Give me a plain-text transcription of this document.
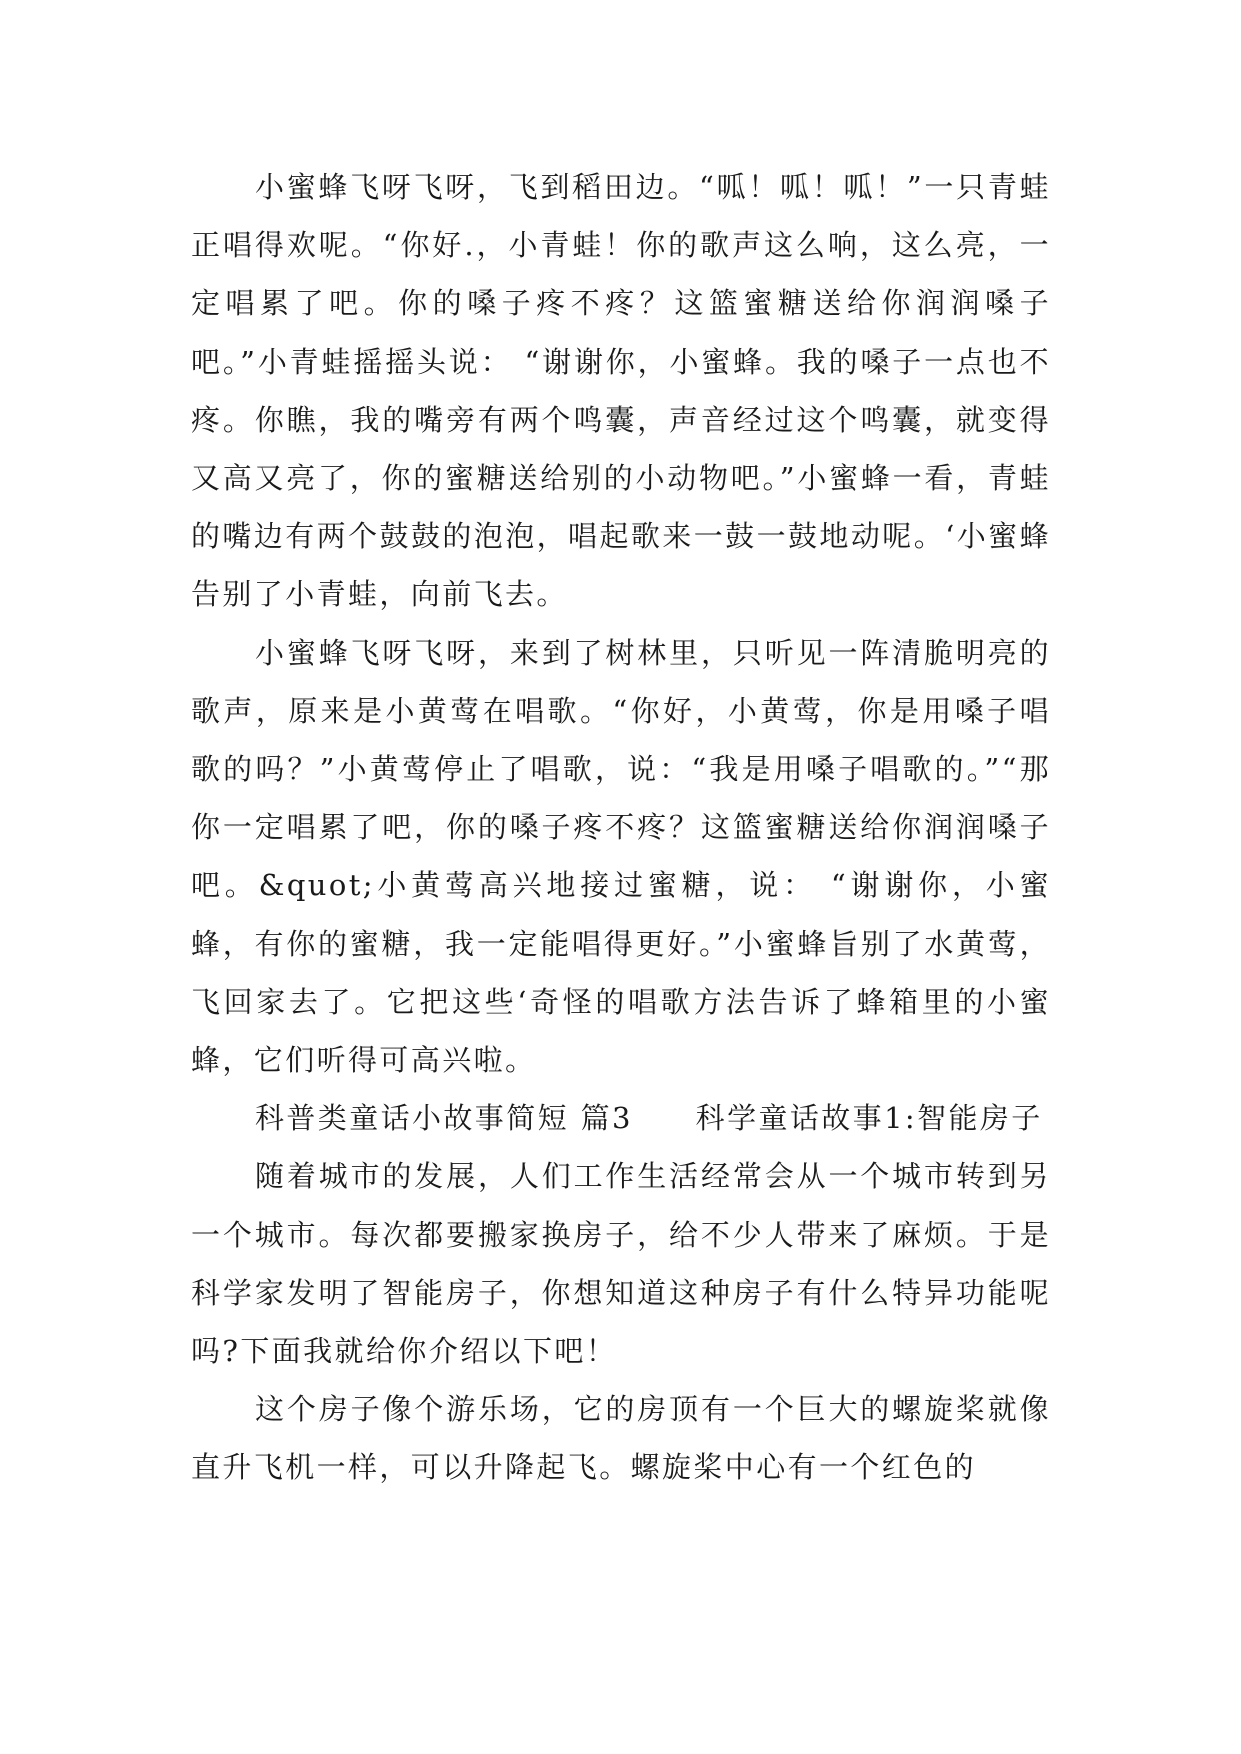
小蜜蜂飞呀飞呀，飞到稻田边。“呱！呱！呱！”一只青蛙正唱得欢呢。“你好.，小青蛙！你的歌声这么响，这么亮，一定唱累了吧。你的嗓子疼不疼？这篮蜜糖送给你润润嗓子吧。”小青蛙摇摇头说： “谢谢你，小蜜蜂。我的嗓子一点也不疼。你瞧，我的嘴旁有两个鸣囊，声音经过这个鸣囊，就变得又高又亮了，你的蜜糖送给别的小动物吧。”小蜜蜂一看，青蛙的嘴边有两个鼓鼓的泡泡，唱起歌来一鼓一鼓地动呢。‘小蜜蜂告别了小青蛙，向前飞去。

小蜜蜂飞呀飞呀，来到了树林里，只听见一阵清脆明亮的歌声，原来是小黄莺在唱歌。“你好，小黄莺，你是用嗓子唱歌的吗？”小黄莺停止了唱歌，说：“我是用嗓子唱歌的。”“那你一定唱累了吧，你的嗓子疼不疼？这篮蜜糖送给你润润嗓子吧。&quot;小黄莺高兴地接过蜜糖，说： “谢谢你，小蜜蜂，有你的蜜糖，我一定能唱得更好。”小蜜蜂旨别了水黄莺，飞回家去了。它把这些‘奇怪的唱歌方法告诉了蜂箱里的小蜜蜂，它们听得可高兴啦。

科普类童话小故事简短 篇3　　科学童话故事1:智能房子

随着城市的发展，人们工作生活经常会从一个城市转到另一个城市。每次都要搬家换房子，给不少人带来了麻烦。于是科学家发明了智能房子，你想知道这种房子有什么特异功能呢吗?下面我就给你介绍以下吧！

这个房子像个游乐场，它的房顶有一个巨大的螺旋桨就像直升飞机一样，可以升降起飞。螺旋桨中心有一个红色的
